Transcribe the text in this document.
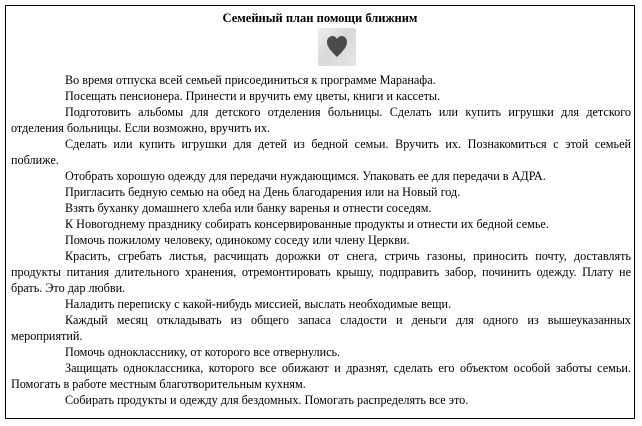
Семейный план помощи ближним

Во время отпуска всей семьей присоединиться к программе Маранафа.

Посещать пенсионера. Принести и вручить ему цветы, книги и кассеты.

Подготовить альбомы для детского отделения больницы. Сделать или купить игрушки для детского отделения больницы. Если возможно, вручить их.

Сделать или купить игрушки для детей из бедной семьи. Вручить их. Познакомиться с этой семьей поближе.

Отобрать хорошую одежду для передачи нуждающимся. Упаковать ее для передачи в АДРА.

Пригласить бедную семью на обед на День благодарения или на Новый год.

Взять буханку домашнего хлеба или банку варенья и отнести соседям.

К Новогоднему празднику собирать консервированные продукты и отнести их бедной семье.

Помочь пожилому человеку, одинокому соседу или члену Церкви.

Красить, сгребать листья, расчищать дорожки от снега, стричь газоны, приносить почту, доставлять продукты питания длительного хранения, отремонтировать крышу, подправить забор, починить одежду. Плату не брать. Это дар любви.

Наладить переписку с какой-нибудь миссией, выслать необходимые вещи.

Каждый месяц откладывать из общего запаса сладости и деньги для одного из вышеуказанных мероприятий.

Помочь однокласснику, от которого все отвернулись.

Защищать одноклассника, которого все обижают и дразнят, сделать его объектом особой заботы семьи. Помогать в работе местным благотворительным кухням.

Собирать продукты и одежду для бездомных. Помогать распределять все это.
